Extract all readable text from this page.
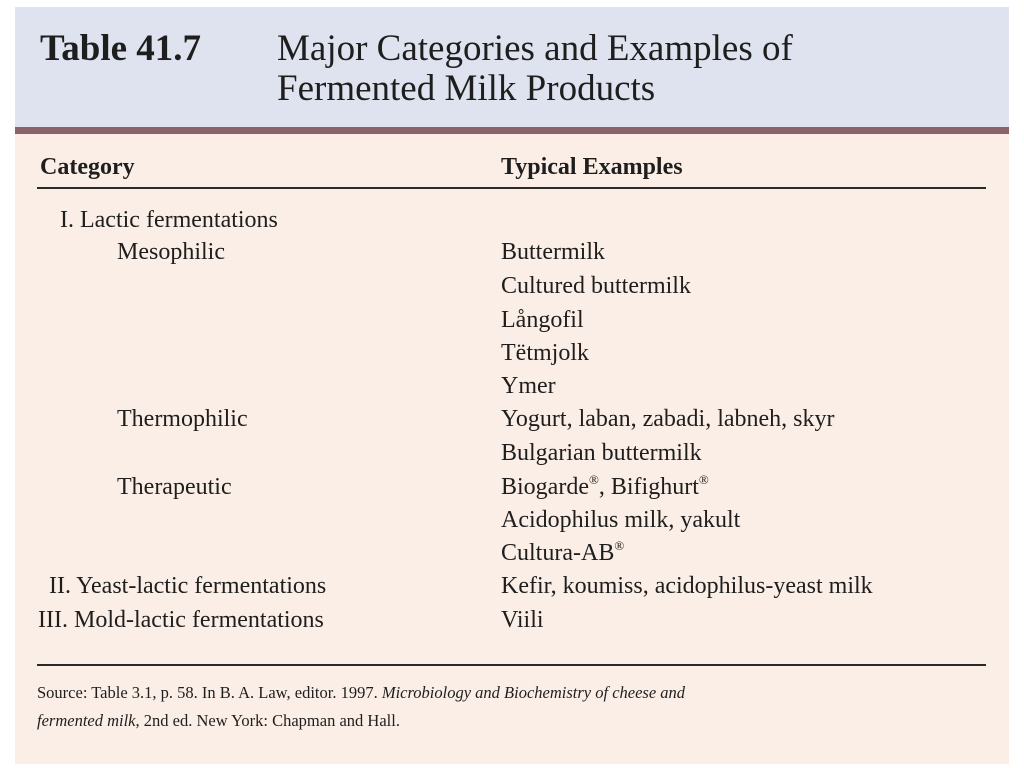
Table 41.7 Major Categories and Examples of
Fermented Milk Products
Category	Typical Examples
I. Lactic fermentations
Mesophilic
Thermophilic
Therapeutic
II. Yeast-lactic fermentations
III. Mold-lactic fermentations
Buttermilk
Cultured buttermilk
Långofil
Tëtmjolk
Ymer
Yogurt, laban, zabadi, labneh, skyr
Bulgarian buttermilk
Biogarde®, Bifighurt®
Acidophilus milk, yakult
Cultura-AB®
Kefir, koumiss, acidophilus-yeast milk
Viili
Source: Table 3.1, p. 58. In B. A. Law, editor. 1997. Microbiology and Biochemistry of cheese and
fermented milk, 2nd ed. New York: Chapman and Hall.
